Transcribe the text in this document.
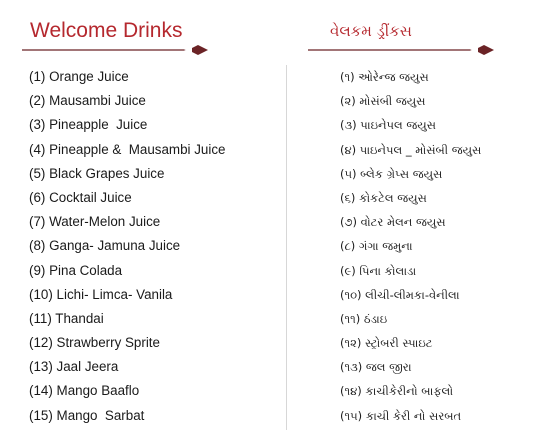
Welcome Drinks	વેલકમ ડ્રીંકસ
(1) Orange Juice
(2) Mausambi Juice
(3) Pineapple  Juice
(4) Pineapple &  Mausambi Juice
(5) Black Grapes Juice
(6) Cocktail Juice
(7) Water-Melon Juice
(8) Ganga- Jamuna Juice
(9) Pina Colada
(10) Lichi- Limca- Vanila
(11) Thandai
(12) Strawberry Sprite
(13) Jaal Jeera
(14) Mango Baaflo
(15) Mango  Sarbat
(૧) ઓરેન્જ જયુસ
(૨) મોસંબી જયુસ
(૩) પાઇનેપલ જયુસ
(૪) પાઇનેપલ _ મોસંબી જયુસ
(૫) બ્લેક ગ્રેપ્સ જયુસ
(૬) કોકટેલ જયુસ
(૭) વોટર મેલન જયુસ
(૮) ગંગા જમુના
(૯) પિના કોલાડા
(૧૦) લીચી-લીમકા-વેનીલા
(૧૧) ઠંડાઇ
(૧૨) સ્ટ્રોબરી સ્પાઇટ
(૧૩) જલ જીરા
(૧૪) કાચીકેરીનો બાફલો
(૧૫) કાચી કેરી નો સરબત
